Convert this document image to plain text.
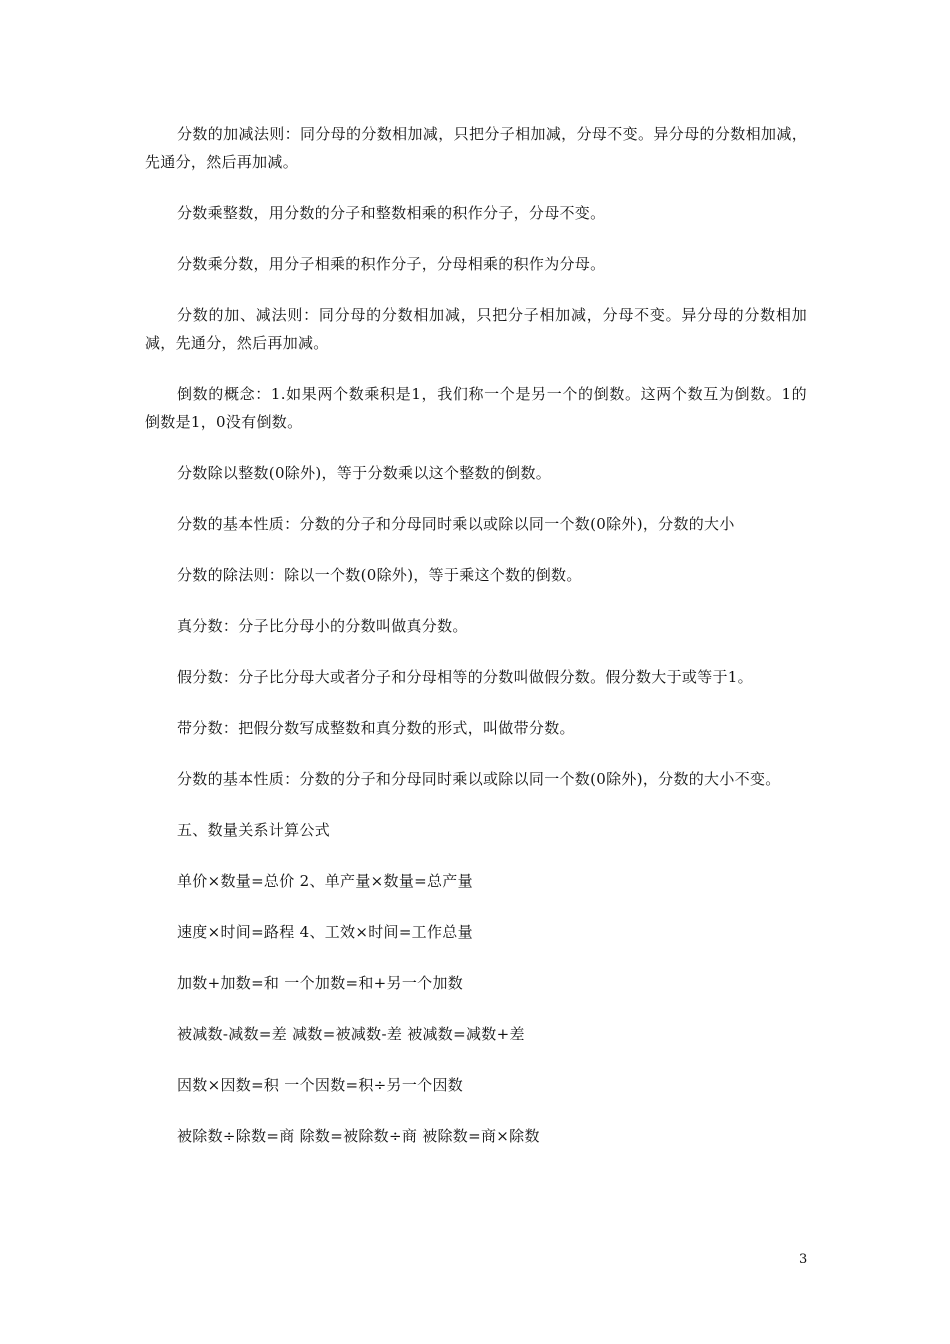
分数的加减法则：同分母的分数相加减，只把分子相加减，分母不变。异分母的分数相加减，先通分，然后再加减。

分数乘整数，用分数的分子和整数相乘的积作分子，分母不变。

分数乘分数，用分子相乘的积作分子，分母相乘的积作为分母。

分数的加、减法则：同分母的分数相加减，只把分子相加减，分母不变。异分母的分数相加减，先通分，然后再加减。

倒数的概念：1.如果两个数乘积是1，我们称一个是另一个的倒数。这两个数互为倒数。1的倒数是1，0没有倒数。

分数除以整数(0除外)，等于分数乘以这个整数的倒数。

分数的基本性质：分数的分子和分母同时乘以或除以同一个数(0除外)，分数的大小

分数的除法则：除以一个数(0除外)，等于乘这个数的倒数。

真分数：分子比分母小的分数叫做真分数。

假分数：分子比分母大或者分子和分母相等的分数叫做假分数。假分数大于或等于1。

带分数：把假分数写成整数和真分数的形式，叫做带分数。

分数的基本性质：分数的分子和分母同时乘以或除以同一个数(0除外)，分数的大小不变。

五、数量关系计算公式

单价×数量=总价 2、单产量×数量=总产量

速度×时间=路程 4、工效×时间=工作总量

加数+加数=和 一个加数=和+另一个加数

被减数-减数=差 减数=被减数-差 被减数=减数+差

因数×因数=积 一个因数=积÷另一个因数

被除数÷除数=商 除数=被除数÷商 被除数=商×除数

3
